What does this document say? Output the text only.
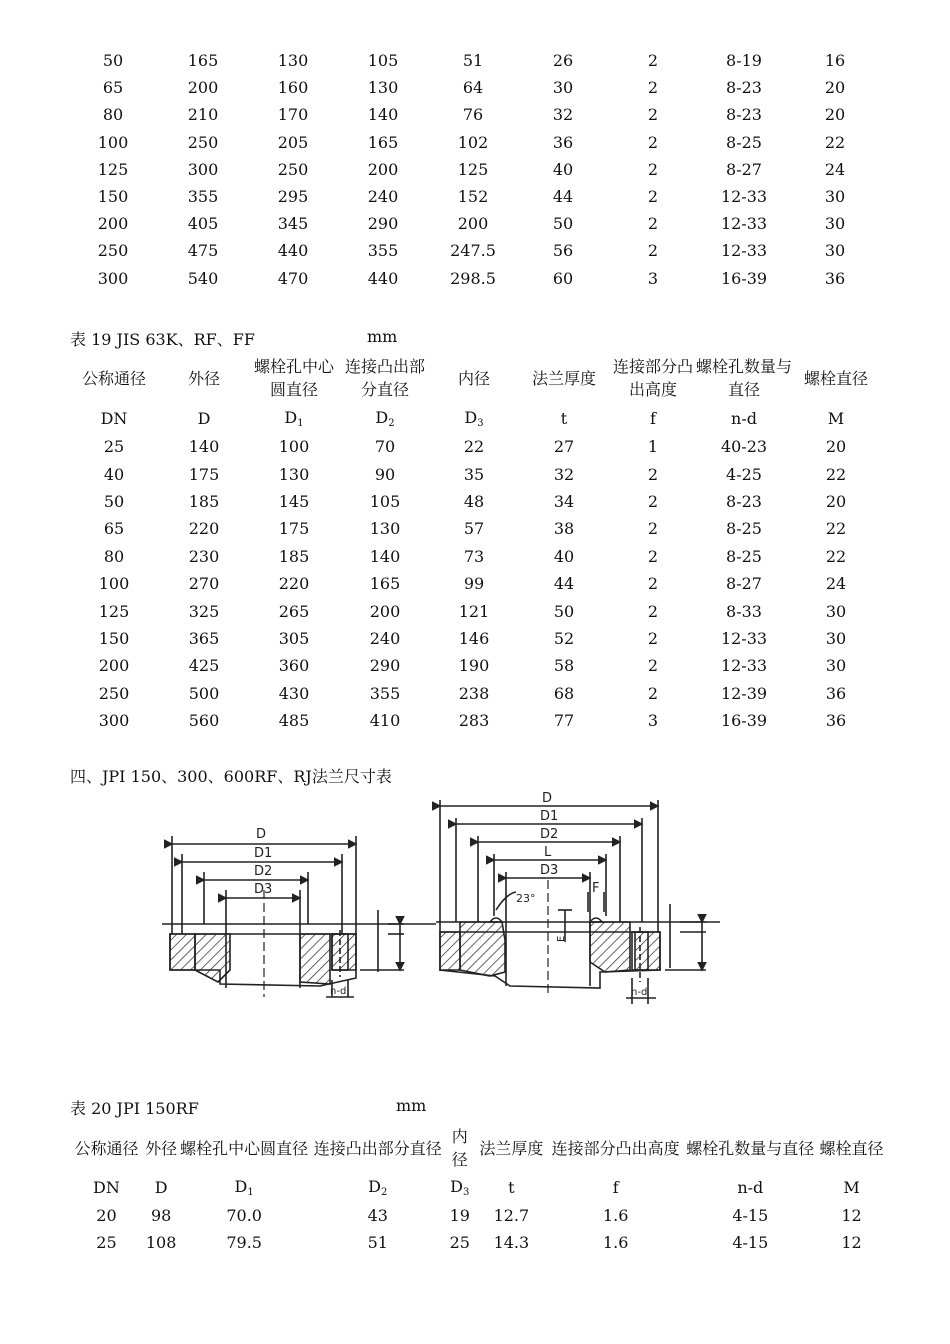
50	165	130	105	51	26	2	8-19	16
65	200	160	130	64	30	2	8-23	20
80	210	170	140	76	32	2	8-23	20
100	250	205	165	102	36	2	8-25	22
125	300	250	200	125	40	2	8-27	24
150	355	295	240	152	44	2	12-33	30
200	405	345	290	200	50	2	12-33	30
250	475	440	355	247.5	56	2	12-33	30
300	540	470	440	298.5	60	3	16-39	36
表 19 JIS 63K、RF、FF	mm
公称通径	外径	螺栓孔中心圆直径	连接凸出部分直径	内径	法兰厚度	连接部分凸出高度	螺栓孔数量与直径	螺栓直径
DN	D	$D_1$	$D_2$	$D_3$	t	f	n-d	M
25	140	100	70	22	27	1	40-23	20
40	175	130	90	35	32	2	4-25	22
50	185	145	105	48	34	2	8-23	20
65	220	175	130	57	38	2	8-25	22
80	230	185	140	73	40	2	8-25	22
100	270	220	165	99	44	2	8-27	24
125	325	265	200	121	50	2	8-33	30
150	365	305	240	146	52	2	12-33	30
200	425	360	290	190	58	2	12-33	30
250	500	430	355	238	68	2	12-39	36
300	560	485	410	283	77	3	16-39	36
四、JPI 150、300、600RF、RJ法兰尺寸表
D
D1
D2
D3
n-d
D
D1
D2
L
D3
F
23°
E
n-d
表 20 JPI 150RF	mm
公称通径	外径	螺栓孔中心圆直径	连接凸出部分直径	内径	法兰厚度	连接部分凸出高度	螺栓孔数量与直径	螺栓直径
DN	D	$D_1$	$D_2$	$D_3$	t	f	n-d	M
20	98	70.0	43	19	12.7	1.6	4-15	12
25	108	79.5	51	25	14.3	1.6	4-15	12
